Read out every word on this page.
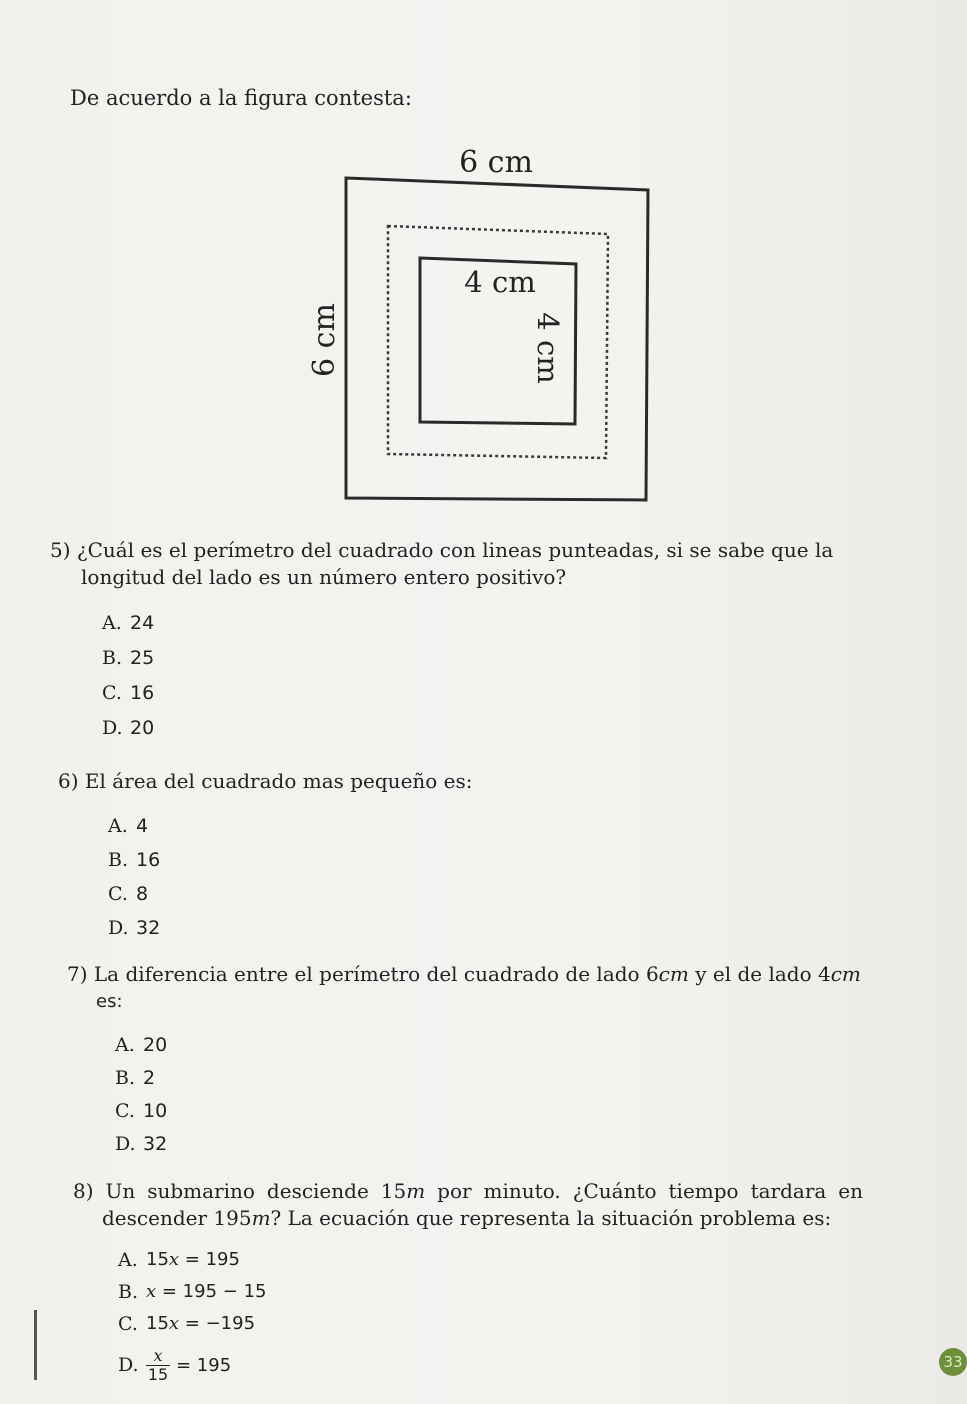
De acuerdo a la figura contesta:
6 cm
6 cm
4 cm
4 cm
5) ¿Cuál es el perímetro del cuadrado con lineas punteadas, si se sabe que la
longitud del lado es un número entero positivo?
A. 24
B. 25
C. 16
D. 20
6) El área del cuadrado mas pequeño es:
A. 4
B. 16
C. 8
D. 32
7) La diferencia entre el perímetro del cuadrado de lado 6cm y el de lado 4cm
es:
A. 20
B. 2
C. 10
D. 32
8) Un submarino desciende 15m por minuto. ¿Cuánto tiempo tardara en
descender 195m? La ecuación que representa la situación problema es:
A. 15x = 195
B. x = 195 − 15
C. 15x = −195
D. $\frac{x}{15} = 195$	33
